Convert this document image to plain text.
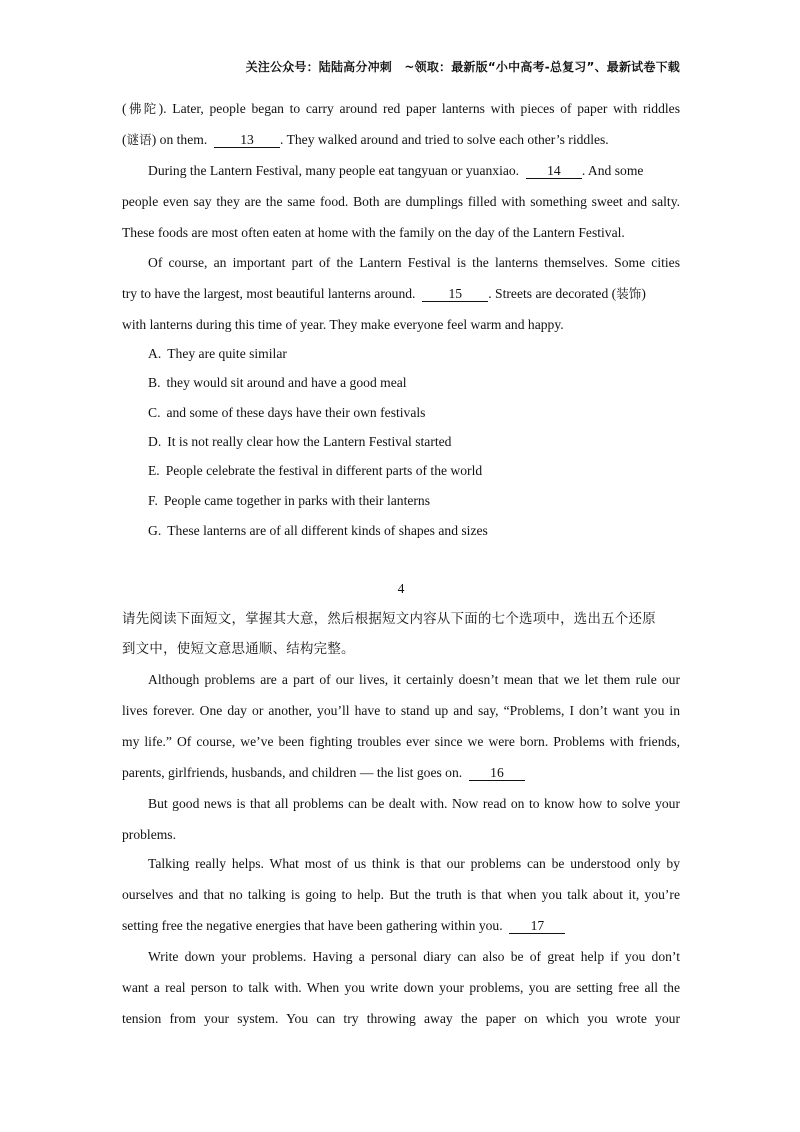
关注公众号：陆陆高分冲刺 ~领取：最新版“小中高考-总复习”、最新试卷下载
(佛陀). Later, people began to carry around red paper lanterns with pieces of paper with riddles
(谜语) on them. 13 . They walked around and tried to solve each other’s riddles.
During the Lantern Festival, many people eat tangyuan or yuanxiao. 14 . And some
people even say they are the same food. Both are dumplings filled with something sweet and salty.
These foods are most often eaten at home with the family on the day of the Lantern Festival.
Of course, an important part of the Lantern Festival is the lanterns themselves. Some cities
try to have the largest, most beautiful lanterns around. 15 . Streets are decorated (装饰)
with lanterns during this time of year. They make everyone feel warm and happy.
A. They are quite similar
B. they would sit around and have a good meal
C. and some of these days have their own festivals
D. It is not really clear how the Lantern Festival started
E. People celebrate the festival in different parts of the world
F. People came together in parks with their lanterns
G. These lanterns are of all different kinds of shapes and sizes
4
请先阅读下面短文，掌握其大意，然后根据短文内容从下面的七个选项中，选出五个还原
到文中，使短文意思通顺、结构完整。
Although problems are a part of our lives, it certainly doesn’t mean that we let them rule our
lives forever. One day or another, you’ll have to stand up and say, “Problems, I don’t want you in
my life.” Of course, we’ve been fighting troubles ever since we were born. Problems with friends,
parents, girlfriends, husbands, and children — the list goes on. 16
But good news is that all problems can be dealt with. Now read on to know how to solve your
problems.
Talking really helps. What most of us think is that our problems can be understood only by
ourselves and that no talking is going to help. But the truth is that when you talk about it, you’re
setting free the negative energies that have been gathering within you. 17
Write down your problems. Having a personal diary can also be of great help if you don’t
want a real person to talk with. When you write down your problems, you are setting free all the
tension from your system. You can try throwing away the paper on which you wrote your
